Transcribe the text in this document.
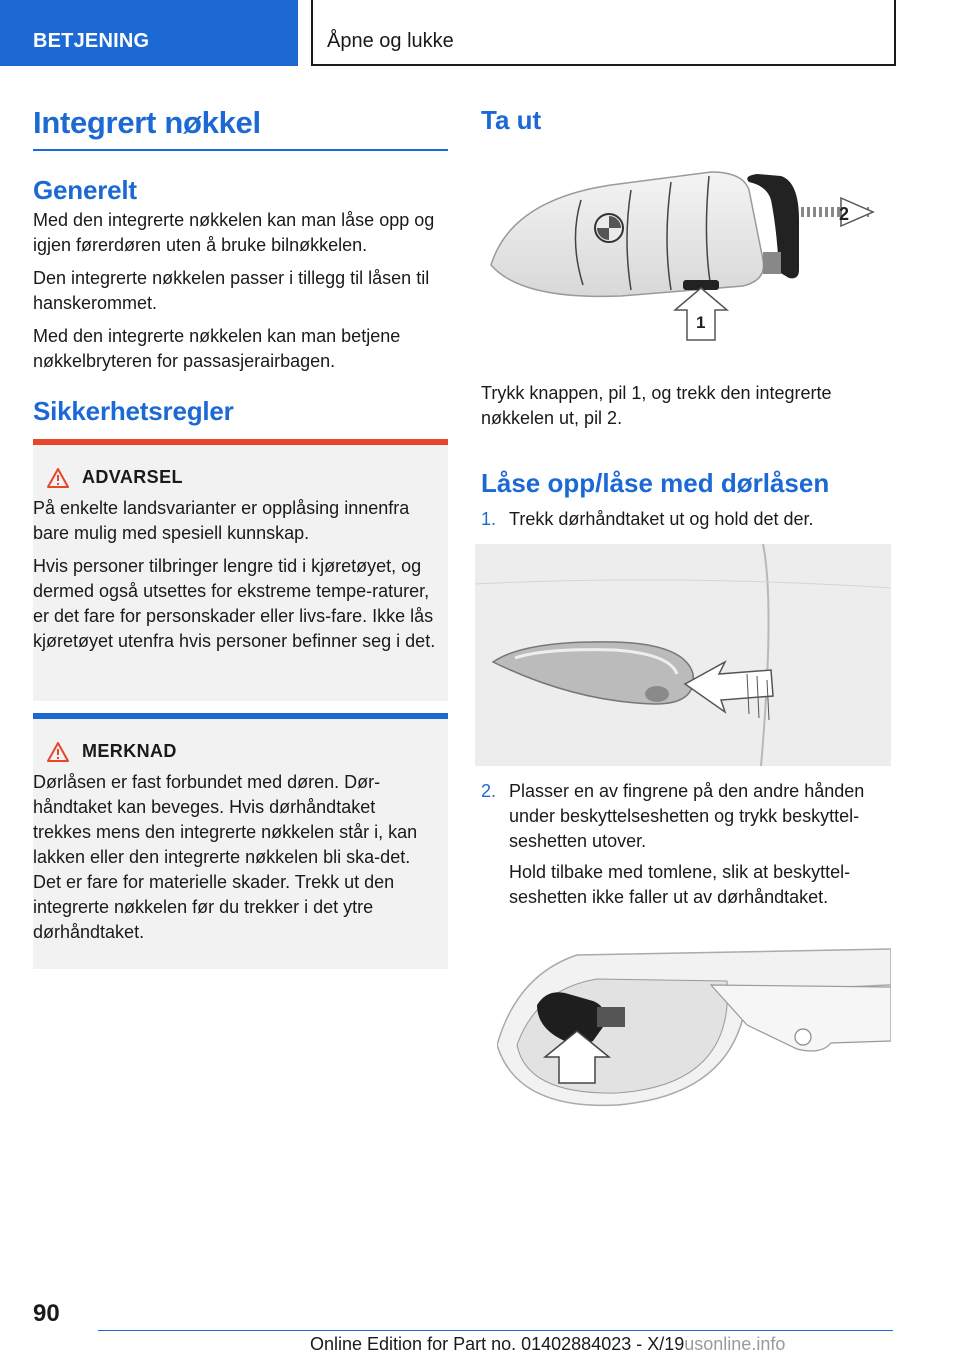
BETJENING	Åpne og lukke
Integrert nøkkel
Generelt

Med den integrerte nøkkelen kan man låse opp og igjen førerdøren uten å bruke bilnøkkelen.

Den integrerte nøkkelen passer i tillegg til låsen til hanskerommet.

Med den integrerte nøkkelen kan man betjene nøkkelbryteren for passasjerairbagen.

Sikkerhetsregler
ADVARSEL

På enkelte landsvarianter er opplåsing innenfra bare mulig med spesiell kunnskap.

Hvis personer tilbringer lengre tid i kjøretøyet, og dermed også utsettes for ekstreme tempe-raturer, er det fare for personskader eller livs-fare. Ikke lås kjøretøyet utenfra hvis personer befinner seg i det.

MERKNAD

Dørlåsen er fast forbundet med døren. Dør-håndtaket kan beveges. Hvis dørhåndtaket trekkes mens den integrerte nøkkelen står i, kan lakken eller den integrerte nøkkelen bli ska-det. Det er fare for materielle skader. Trekk ut den integrerte nøkkelen før du trekker i det ytre dørhåndtaket.

Ta ut
2
1

Trykk knappen, pil 1, og trekk den integrerte nøkkelen ut, pil 2.

Låse opp/låse med dørlåsen
1. Trekk dørhåndtaket ut og hold det der.
2. Plasser en av fingrene på den andre hånden under beskyttelseshetten og trykk beskyttel-seshetten utover.

Hold tilbake med tomlene, slik at beskyttel-seshetten ikke faller ut av dørhåndtaket.

90
Online Edition for Part no. 01402884023 - X/19usonline.info
